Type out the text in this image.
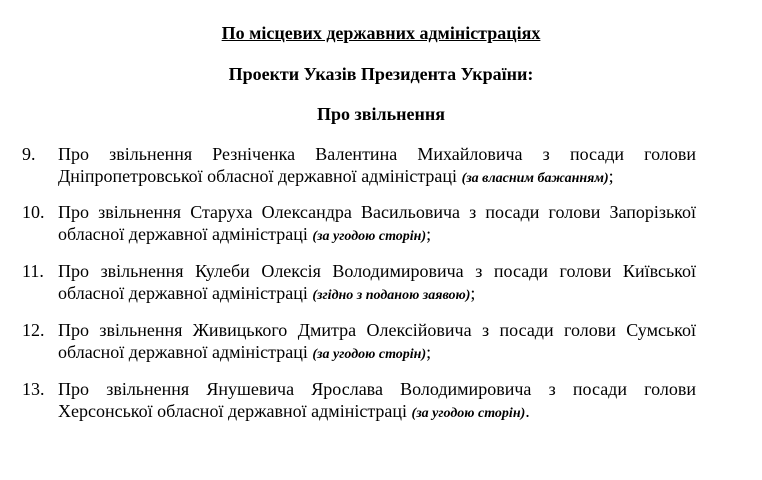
По місцевих державних адміністраціях
Проекти Указів Президента України:
Про звільнення
9. Про звільнення Резніченка Валентина Михайловича з посади голови
Дніпропетровської обласної державної адміністраці (за власним бажанням);
10. Про звільнення Старуха Олександра Васильовича з посади голови Запорізької
обласної державної адміністраці (за угодою сторін);
11. Про звільнення Кулеби Олексія Володимировича з посади голови Київської
обласної державної адміністраці (згідно з поданою заявою);
12. Про звільнення Живицького Дмитра Олексійовича з посади голови Сумської
обласної державної адміністраці (за угодою сторін);
13. Про звільнення Янушевича Ярослава Володимировича з посади голови
Херсонської обласної державної адміністраці (за угодою сторін).
